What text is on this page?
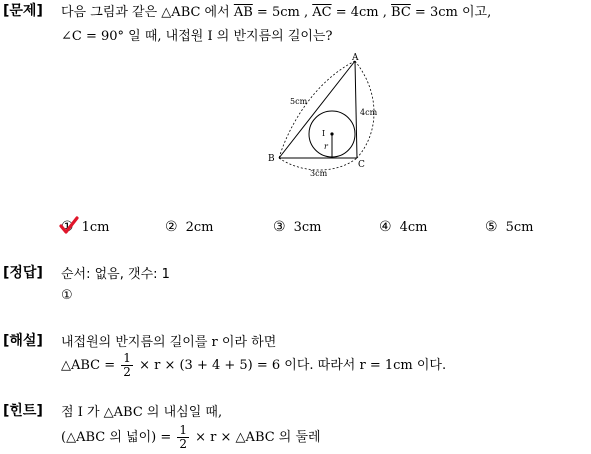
[문제] 다음 그림과 같은 △ABC 에서 $\overline{AB} = 5cm$ , $\overline{AC} = 4cm$ , $\overline{BC} = 3cm$ 이고,
∠C = 90° 일 때, 내접원 I 의 반지름의 길이는?
A
B
C
I
r
5cm
4cm
3cm
① 1cm	② 2cm	③ 3cm	④ 4cm	⑤ 5cm
[정답] 순서: 없음, 갯수: 1
①
[해설] 내접원의 반지름의 길이를 r 이라 하면
△ABC = $\frac{1}{2} \times r \times (3 + 4 + 5) = 6$ 이다. 따라서 r = 1cm 이다.
[힌트] 점 I 가 △ABC 의 내심일 때,
(△ABC 의 넓이) = $\frac{1}{2} \times r$ × △ABC 의 둘레
